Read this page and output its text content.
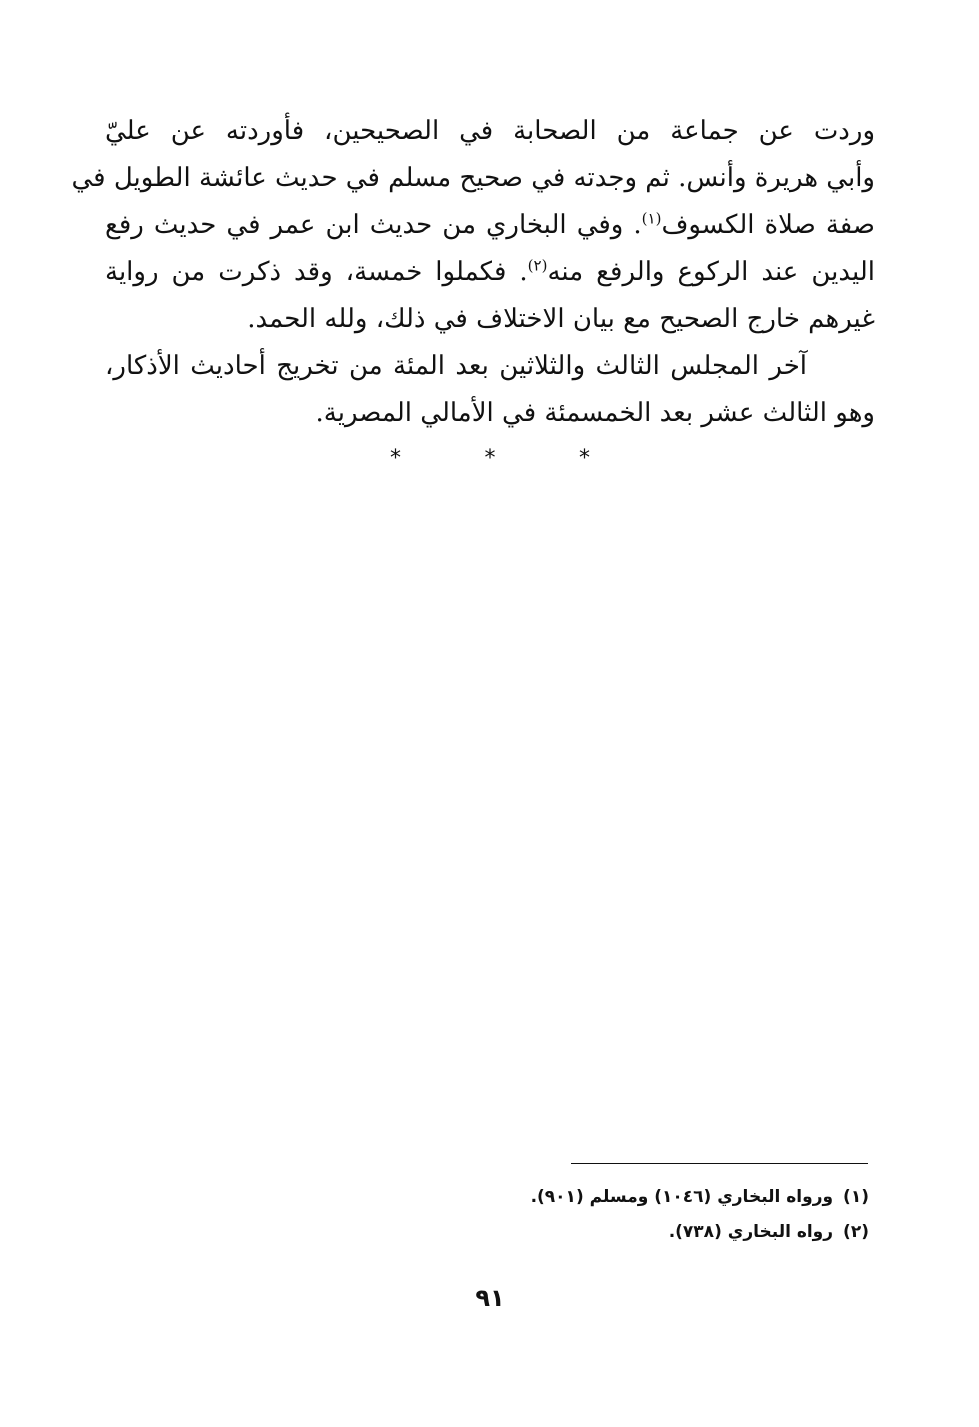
وردت عن جماعة من الصحابة في الصحيحين، فأوردته عن عليّ
وأبي هريرة وأنس. ثم وجدته في صحيح مسلم في حديث عائشة الطويل في
صفة صلاة الكسوف$^{(١)}$. وفي البخاري من حديث ابن عمر في حديث رفع
اليدين عند الركوع والرفع منه$^{(٢)}$. فكملوا خمسة، وقد ذكرت من رواية
غيرهم خارج الصحيح مع بيان الاختلاف في ذلك، ولله الحمد.
آخر المجلس الثالث والثلاثين بعد المئة من تخريج أحاديث الأذكار،
وهو الثالث عشر بعد الخمسمئة في الأمالي المصرية.
*	*	*
(١)ورواه البخاري (١٠٤٦) ومسلم (٩٠١).
(٢)رواه البخاري (٧٣٨).
٩١
